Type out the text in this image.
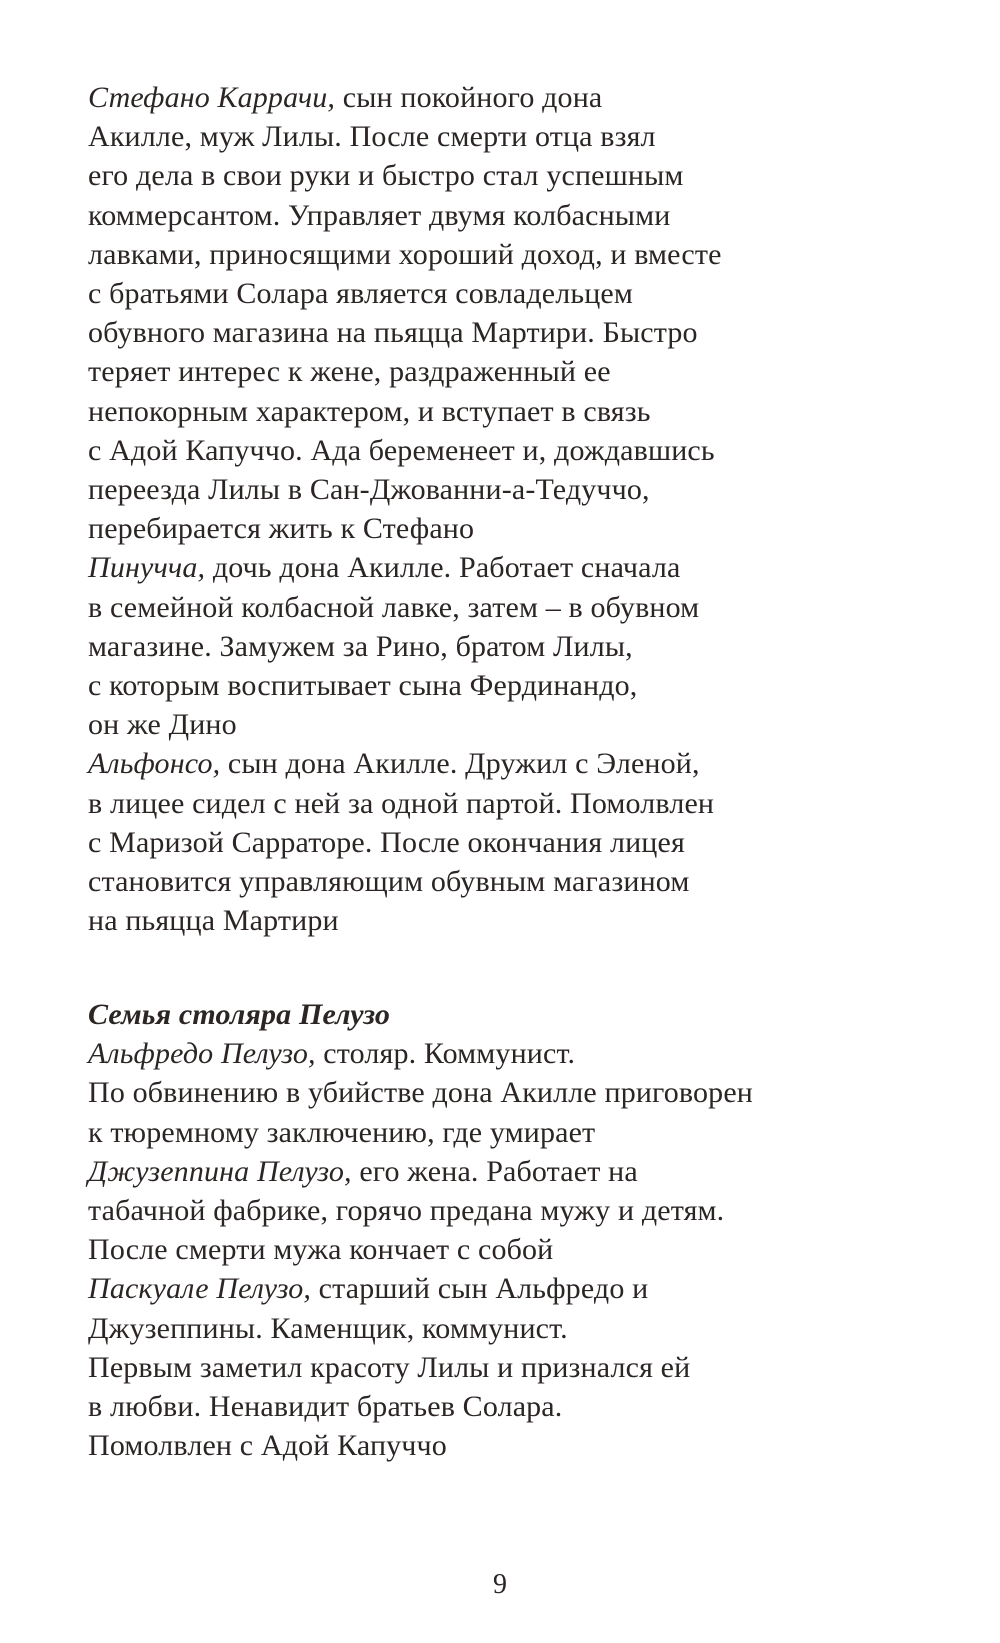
Стефано Каррачи, сын покойного дона
Акилле, муж Лилы. После смерти отца взял
его дела в свои руки и быстро стал успешным
коммерсантом. Управляет двумя колбасными
лавками, приносящими хороший доход, и вместе
с братьями Солара является совладельцем
обувного магазина на пьяцца Мартири. Быстро
теряет интерес к жене, раздраженный ее
непокорным характером, и вступает в связь
с Адой Капуччо. Ада беременеет и, дождавшись
переезда Лилы в Сан-Джованни-а-Тедуччо,
перебирается жить к Стефано
Пинучча, дочь дона Акилле. Работает сначала
в семейной колбасной лавке, затем – в обувном
магазине. Замужем за Рино, братом Лилы,
с которым воспитывает сына Фердинандо,
он же Дино
Альфонсо, сын дона Акилле. Дружил с Эленой,
в лицее сидел с ней за одной партой. Помолвлен
с Маризой Сарраторе. После окончания лицея
становится управляющим обувным магазином
на пьяцца Мартири
Семья столяра Пелузо
Альфредо Пелузо, столяр. Коммунист.
По обвинению в убийстве дона Акилле приговорен
к тюремному заключению, где умирает
Джузеппина Пелузо, его жена. Работает на
табачной фабрике, горячо предана мужу и детям.
После смерти мужа кончает с собой
Паскуале Пелузо, старший сын Альфредо и
Джузеппины. Каменщик, коммунист.
Первым заметил красоту Лилы и признался ей
в любви. Ненавидит братьев Солара.
Помолвлен с Адой Капуччо
9
